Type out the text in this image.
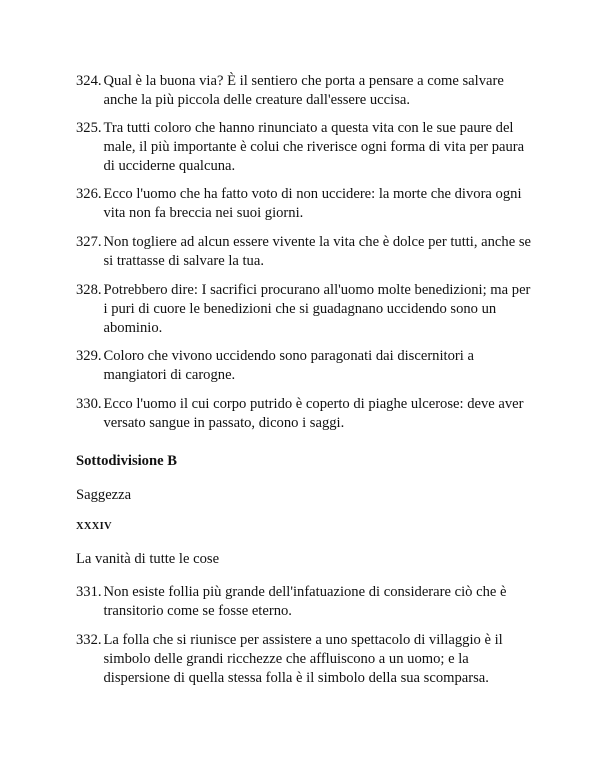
324. Qual è la buona via? È il sentiero che porta a pensare a come salvare anche la più piccola delle creature dall'essere uccisa.
325. Tra tutti coloro che hanno rinunciato a questa vita con le sue paure del male, il più importante è colui che riverisce ogni forma di vita per paura di ucciderne qualcuna.
326. Ecco l'uomo che ha fatto voto di non uccidere: la morte che divora ogni vita non fa breccia nei suoi giorni.
327. Non togliere ad alcun essere vivente la vita che è dolce per tutti, anche se si trattasse di salvare la tua.
328. Potrebbero dire: I sacrifici procurano all'uomo molte benedizioni; ma per i puri di cuore le benedizioni che si guadagnano uccidendo sono un abominio.
329. Coloro che vivono uccidendo sono paragonati dai discernitori a mangiatori di carogne.
330. Ecco l'uomo il cui corpo putrido è coperto di piaghe ulcerose: deve aver versato sangue in passato, dicono i saggi.
Sottodivisione B
Saggezza
XXXIV
La vanità di tutte le cose
331. Non esiste follia più grande dell'infatuazione di considerare ciò che è transitorio come se fosse eterno.
332. La folla che si riunisce per assistere a uno spettacolo di villaggio è il simbolo delle grandi ricchezze che affluiscono a un uomo; e la dispersione di quella stessa folla è il simbolo della sua scomparsa.
